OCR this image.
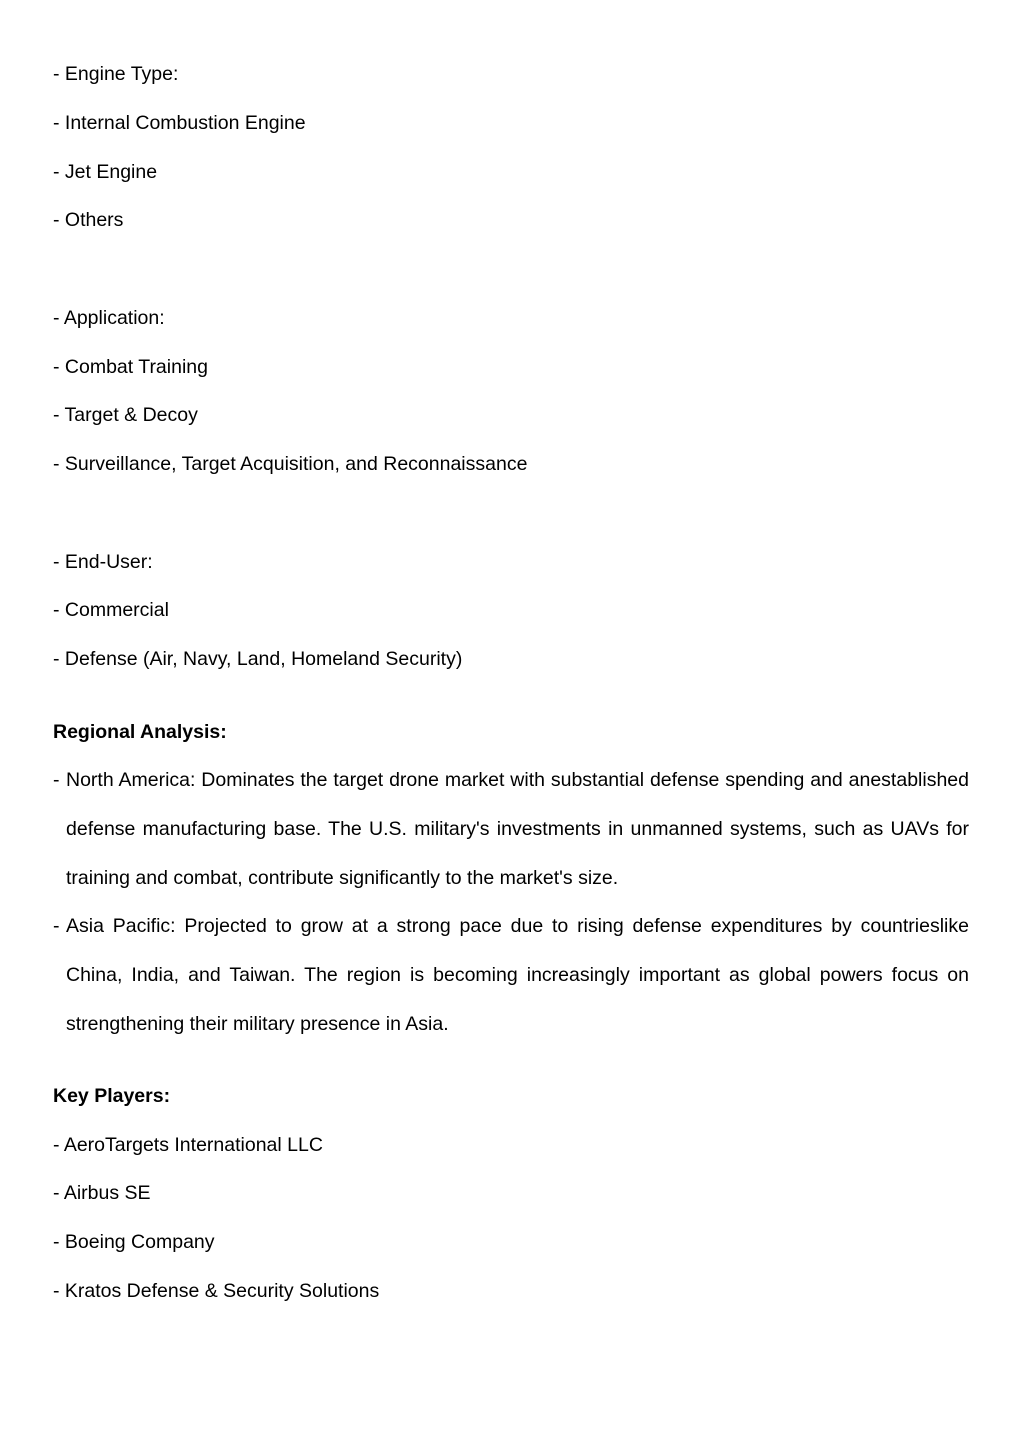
- Engine Type:
- Internal Combustion Engine
- Jet Engine
- Others
- Application:
- Combat Training
- Target & Decoy
- Surveillance, Target Acquisition, and Reconnaissance
- End-User:
- Commercial
- Defense (Air, Navy, Land, Homeland Security)
Regional Analysis:
- North America: Dominates the target drone market with substantial defense spending and anestablished defense manufacturing base. The U.S. military's investments in unmanned systems, such as UAVs for training and combat, contribute significantly to the market's size.
- Asia Pacific: Projected to grow at a strong pace due to rising defense expenditures by countrieslike China, India, and Taiwan. The region is becoming increasingly important as global powers focus on strengthening their military presence in Asia.
Key Players:
- AeroTargets International LLC
- Airbus SE
- Boeing Company
- Kratos Defense & Security Solutions
